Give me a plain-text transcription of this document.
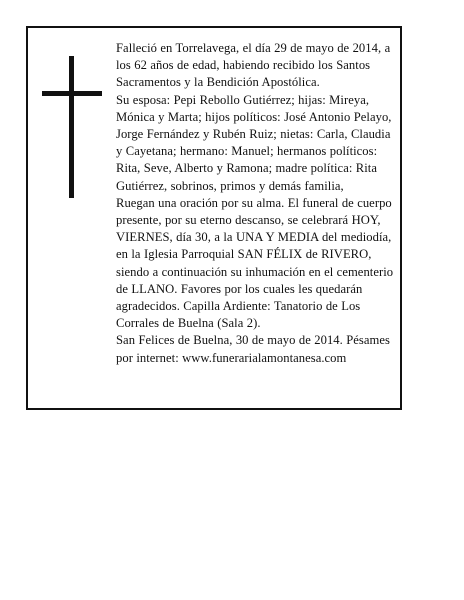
Falleció en Torrelavega, el día 29 de mayo de 2014, a los 62 años de edad, habiendo recibido los Santos Sacramentos y la Bendición Apostólica.

Su esposa: Pepi Rebollo Gutiérrez; hijas: Mireya, Mónica y Marta; hijos políticos: José Antonio Pelayo, Jorge Fernández y Rubén Ruiz; nietas: Carla, Claudia y Cayetana; hermano: Manuel; hermanos políticos: Rita, Seve, Alberto y Ramona; madre política: Rita Gutiérrez, sobrinos, primos y demás familia,

Ruegan una oración por su alma. El funeral de cuerpo presente, por su eterno descanso, se celebrará HOY, VIERNES, día 30, a la UNA Y MEDIA del mediodía, en la Iglesia Parroquial SAN FÉLIX de RIVERO, siendo a continuación su inhumación en el cementerio de LLANO. Favores por los cuales les quedarán agradecidos. Capilla Ardiente: Tanatorio de Los Corrales de Buelna (Sala 2).

San Felices de Buelna, 30 de mayo de 2014. Pésames por internet: www.funerarialamontanesa.com
